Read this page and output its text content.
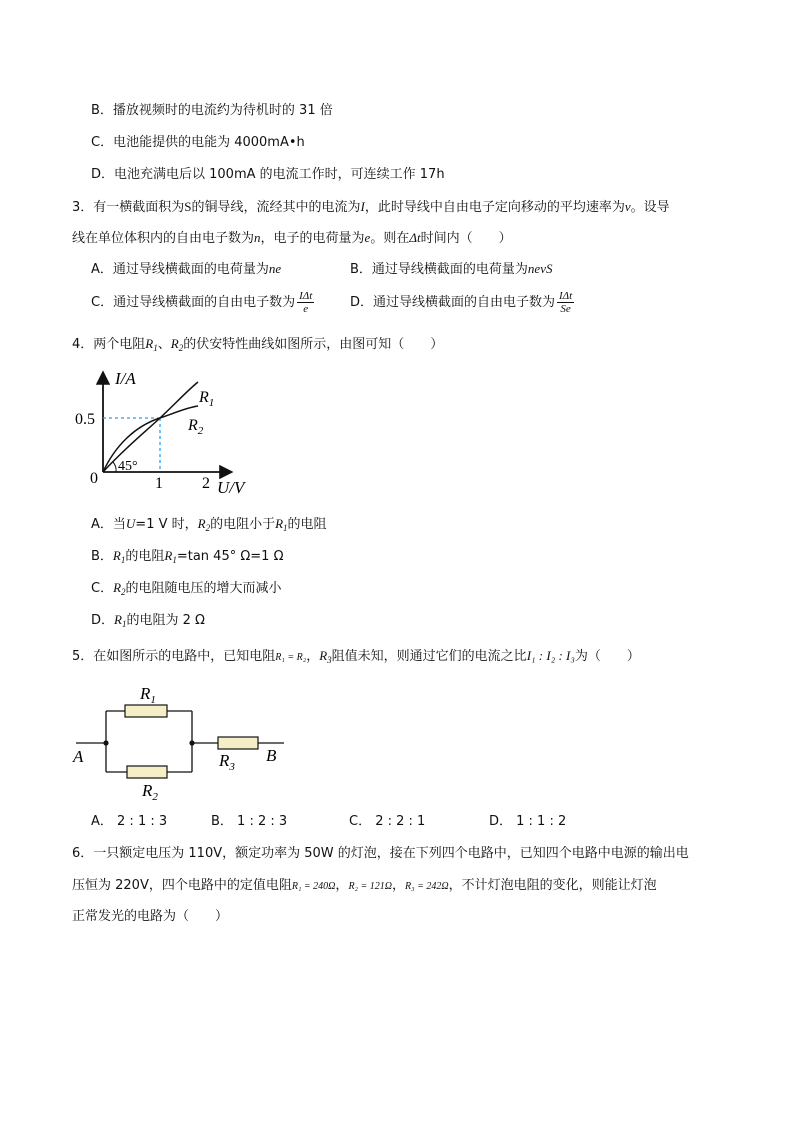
B．播放视频时的电流约为待机时的 31 倍
C．电池能提供的电能为 4000mA•h
D．电池充满电后以 100mA 的电流工作时，可连续工作 17h
3．有一横截面积为S的铜导线，流经其中的电流为I，此时导线中自由电子定向移动的平均速率为v。设导
线在单位体积内的自由电子数为n，电子的电荷量为e。则在Δt时间内（　　）
A．通过导线横截面的电荷量为ne	B．通过导线横截面的电荷量为nevS
C．通过导线横截面的自由电子数为 $\frac{\text{IΔt}}{e}$	D．通过导线横截面的自由电子数为 $\frac{\text{IΔt}}{Se}$
4．两个电阻$R_1$、$R_2$的伏安特性曲线如图所示，由图可知（　　）
I/A
U/V
0.5
0	1 2
45°
$R_1$
$R_2$
A．当U=1 V 时，$R_2$的电阻小于$R_1$的电阻
B．$R_1$的电阻$R_1=\tan$ 45° Ω=1 Ω
C．$R_2$的电阻随电压的增大而减小
D．$R_1$的电阻为 2 Ω
5．在如图所示的电路中，已知电阻R₁ = R₂，$R_3$阻值未知，则通过它们的电流之比I₁ : I₂ : I₃为（　　）
$R_1$
$R_2$
$R_3$
A	B
A． 2 : 1 : 3	B． 1 : 2 : 3	C． 2 : 2 : 1	D． 1 : 1 : 2
6．一只额定电压为 110V，额定功率为 50W 的灯泡，接在下列四个电路中，已知四个电路中电源的输出电
压恒为 220V，四个电路中的定值电阻R₁ = 240Ω，R₂ = 121Ω，R₃ = 242Ω，不计灯泡电阻的变化，则能让灯泡
正常发光的电路为（　　）
